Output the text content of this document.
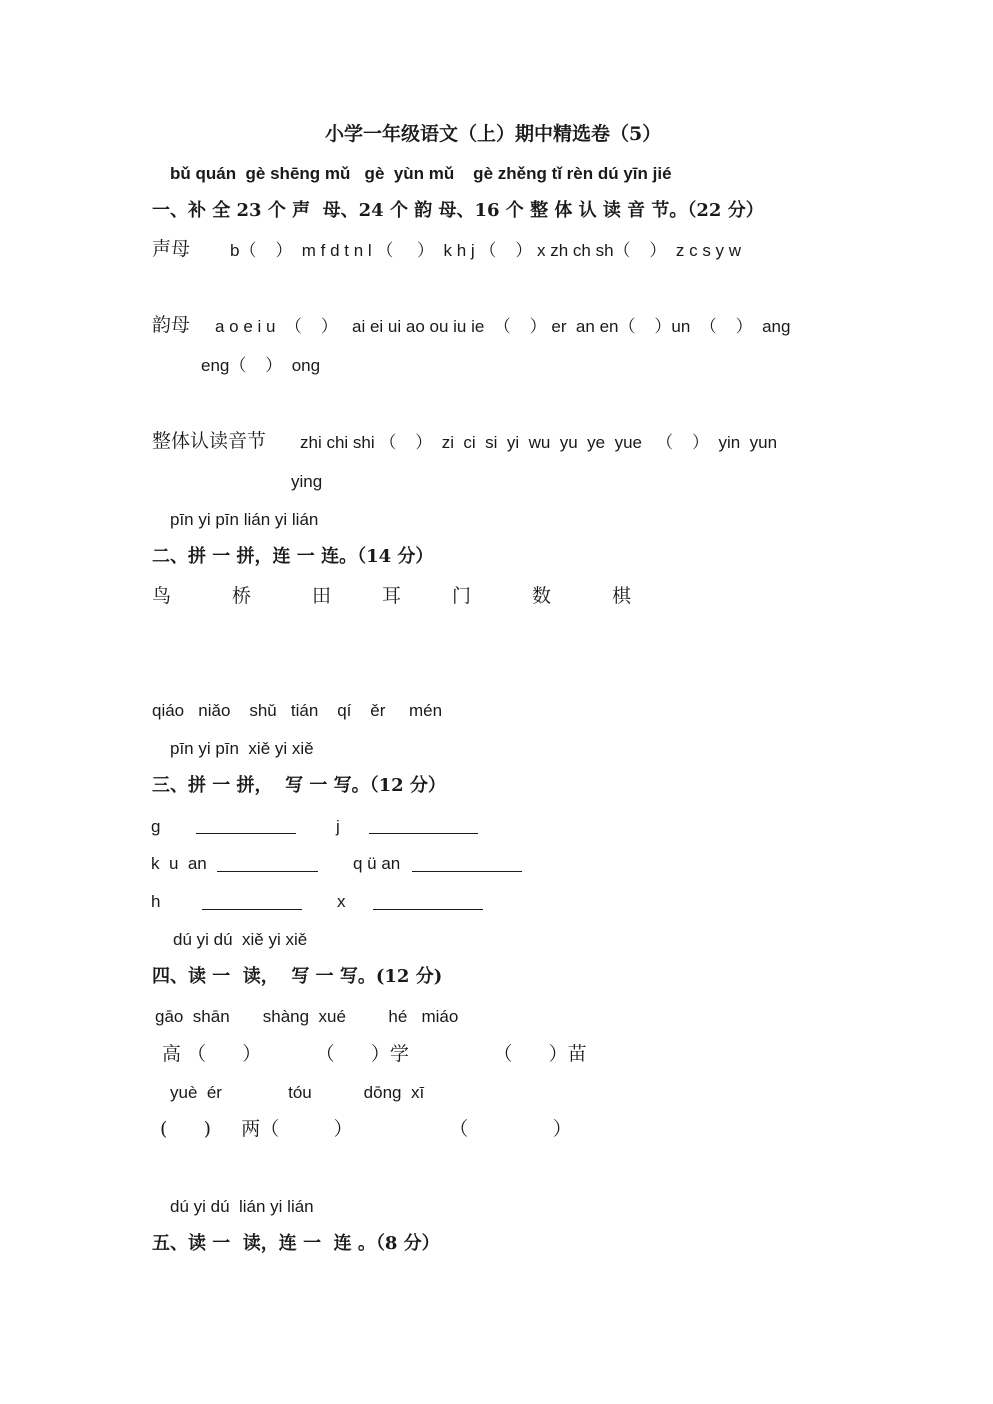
小学一年级语文（上）期中精选卷（5）
bǔ quán  gè shēng mǔ   gè  yùn mǔ    gè zhěng tǐ rèn dú yīn jié
一、补 全 23 个 声  母、24 个 韵 母、16 个 整 体 认 读 音 节。（22 分）
声母 b（    ）  m f d t n l （     ）  k h j （    ） x zh ch sh（    ）  z c s y w
韵母 a o e i u  （    ）   ai ei ui ao ou iu ie  （    ） er  an en（    ）un  （    ）  ang
eng（    ）  ong
整体认读音节 zhi chi shi （    ）  zi  ci  si  yi  wu  yu  ye  yue   （    ）  yin  yun
ying
pīn yi pīn lián yi lián
二、拼 一 拼，连 一 连。（14 分）
鸟	桥	田	耳	门	数	棋
qiáo   niǎo    shǔ   tián    qí    ěr     mén
pīn yi pīn  xiě yi xiě
三、拼 一 拼，  写 一 写。（12 分）
g	j
k  u  an	q ü an
h	x
dú yi dú  xiě yi xiě
四、读 一  读，  写 一 写。(12 分)
gāo  shān       shàng  xué         hé   miáo
高 （      ）         （      ）学              （      ）苗
yuè  ér              tóu           dōng  xī
(      )     两（         ）                （              ）
dú yi dú  lián yi lián
五、读 一  读，连 一  连 。（8 分）
